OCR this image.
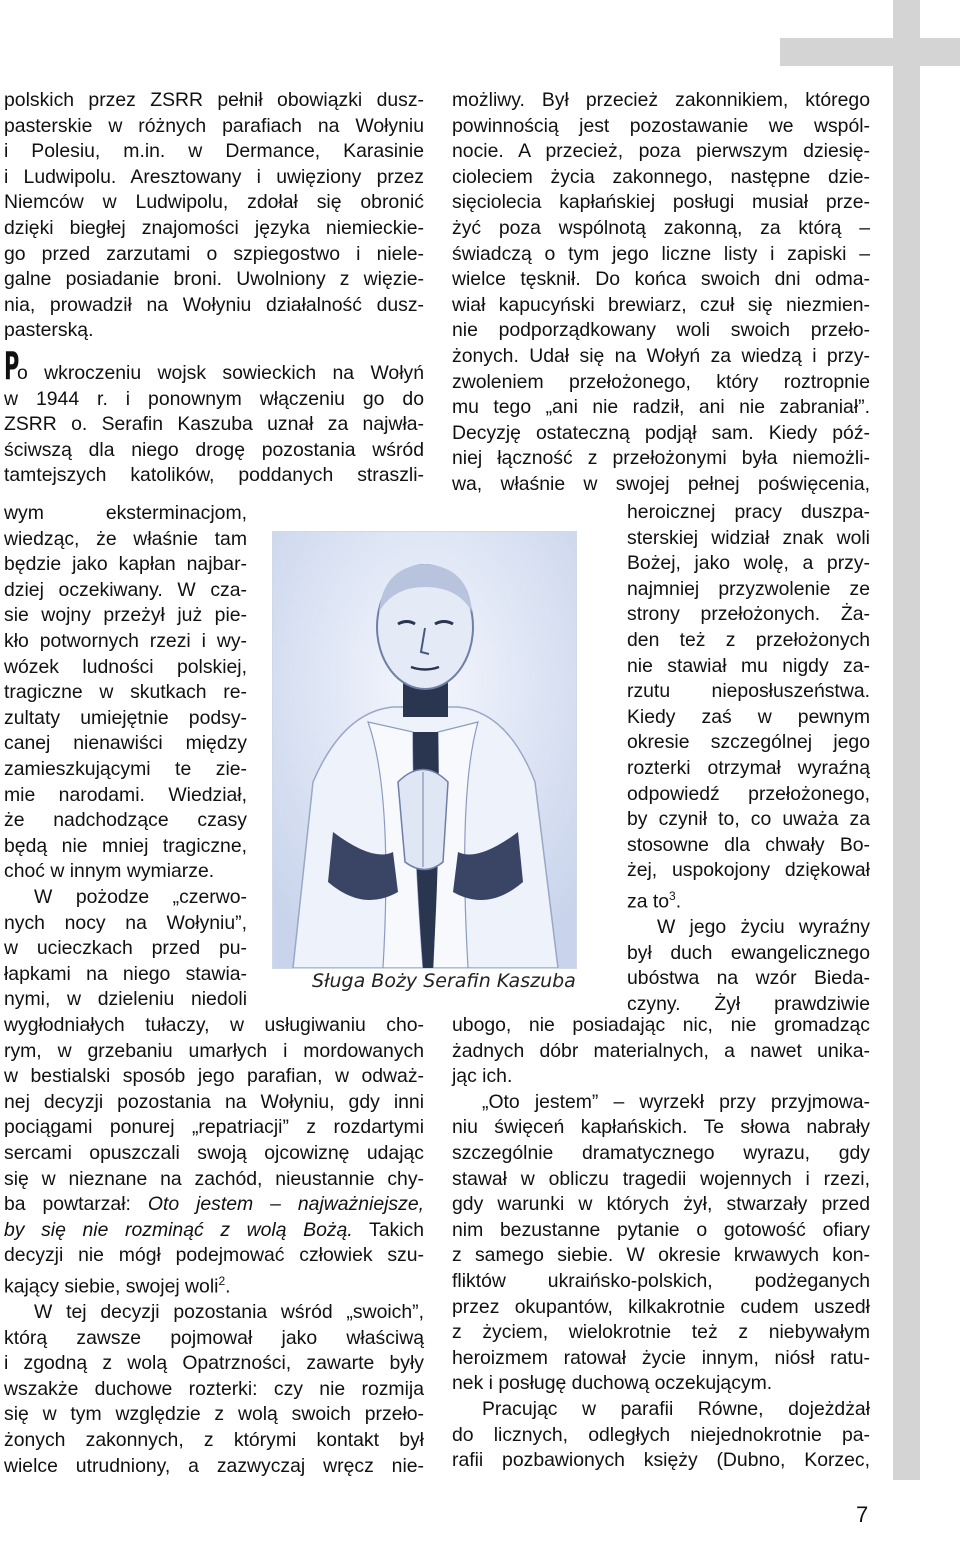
polskich przez ZSRR pełnił obowiązki dusz-

pasterskie w różnych parafiach na Wołyniu

i Polesiu, m.in. w Dermance, Karasinie

i Ludwipolu. Aresztowany i uwięziony przez

Niemców w Ludwipolu, zdołał się obronić

dzięki biegłej znajomości języka niemieckie-

go przed zarzutami o szpiegostwo i niele-

galne posiadanie broni. Uwolniony z więzie-

nia, prowadził na Wołyniu działalność dusz-

pasterską.

Po wkroczeniu wojsk sowieckich na Wołyń

w 1944 r. i ponownym włączeniu go do

ZSRR o. Serafin Kaszuba uznał za najwła-

ściwszą dla niego drogę pozostania wśród

tamtejszych katolików, poddanych straszli-

wym eksterminacjom,

wiedząc, że właśnie tam

będzie jako kapłan najbar-

dziej oczekiwany. W cza-

sie wojny przeżył już pie-

kło potwornych rzezi i wy-

wózek ludności polskiej,

tragiczne w skutkach re-

zultaty umiejętnie podsy-

canej nienawiści między

zamieszkującymi te zie-

mie narodami. Wiedział,

że nadchodzące czasy

będą nie mniej tragiczne,

choć w innym wymiarze.

W pożodze „czerwo-

nych nocy na Wołyniu”,

w ucieczkach przed pu-

łapkami na niego stawia-

nymi, w dzieleniu niedoli

wygłodniałych tułaczy, w usługiwaniu cho-

rym, w grzebaniu umarłych i mordowanych

w bestialski sposób jego parafian, w odważ-

nej decyzji pozostania na Wołyniu, gdy inni

pociągami ponurej „repatriacji” z rozdartymi

sercami opuszczali swoją ojcowiznę udając

się w nieznane na zachód, nieustannie chy-

ba powtarzał: Oto jestem – najważniejsze,

by się nie rozminąć z wolą Bożą. Takich

decyzji nie mógł podejmować człowiek szu-

kający siebie, swojej woli$^2$.

W tej decyzji pozostania wśród „swoich”,

którą zawsze pojmował jako właściwą

i zgodną z wolą Opatrzności, zawarte były

wszakże duchowe rozterki: czy nie rozmija

się w tym względzie z wolą swoich przeło-

żonych zakonnych, z którymi kontakt był

wielce utrudniony, a zazwyczaj wręcz nie-

możliwy. Był przecież zakonnikiem, którego

powinnością jest pozostawanie we wspól-

nocie. A przecież, poza pierwszym dziesię-

cioleciem życia zakonnego, następne dzie-

sięciolecia kapłańskiej posługi musiał prze-

żyć poza wspólnotą zakonną, za którą –

świadczą o tym jego liczne listy i zapiski –

wielce tęsknił. Do końca swoich dni odma-

wiał kapucyński brewiarz, czuł się niezmien-

nie podporządkowany woli swoich przeło-

żonych. Udał się na Wołyń za wiedzą i przy-

zwoleniem przełożonego, który roztropnie

mu tego „ani nie radził, ani nie zabraniał”.

Decyzję ostateczną podjął sam. Kiedy póź-

niej łączność z przełożonymi była niemożli-

wa, właśnie w swojej pełnej poświęcenia,

heroicznej pracy duszpa-

sterskiej widział znak woli

Bożej, jako wolę, a przy-

najmniej przyzwolenie ze

strony przełożonych. Ża-

den też z przełożonych

nie stawiał mu nigdy za-

rzutu nieposłuszeństwa.

Kiedy zaś w pewnym

okresie szczególnej jego

rozterki otrzymał wyraźną

odpowiedź przełożonego,

by czynił to, co uważa za

stosowne dla chwały Bo-

żej, uspokojony dziękował

za $to^3$.

W jego życiu wyraźny

był duch ewangelicznego

ubóstwa na wzór Bieda-

czyny. Żył prawdziwie

ubogo, nie posiadając nic, nie gromadząc

żadnych dóbr materialnych, a nawet unika-

jąc ich.

„Oto jestem” – wyrzekł przy przyjmowa-

niu święceń kapłańskich. Te słowa nabrały

szczególnie dramatycznego wyrazu, gdy

stawał w obliczu tragedii wojennych i rzezi,

gdy warunki w których żył, stwarzały przed

nim bezustanne pytanie o gotowość ofiary

z samego siebie. W okresie krwawych kon-

fliktów ukraińsko-polskich, podżeganych

przez okupantów, kilkakrotnie cudem uszedł

z życiem, wielokrotnie też z niebywałym

heroizmem ratował życie innym, niósł ratu-

nek i posługę duchową oczekującym.

Pracując w parafii Równe, dojeżdżał

do licznych, odległych niejednokrotnie pa-

rafii pozbawionych księży (Dubno, Korzec,

Sługa Boży Serafin Kaszuba
7
